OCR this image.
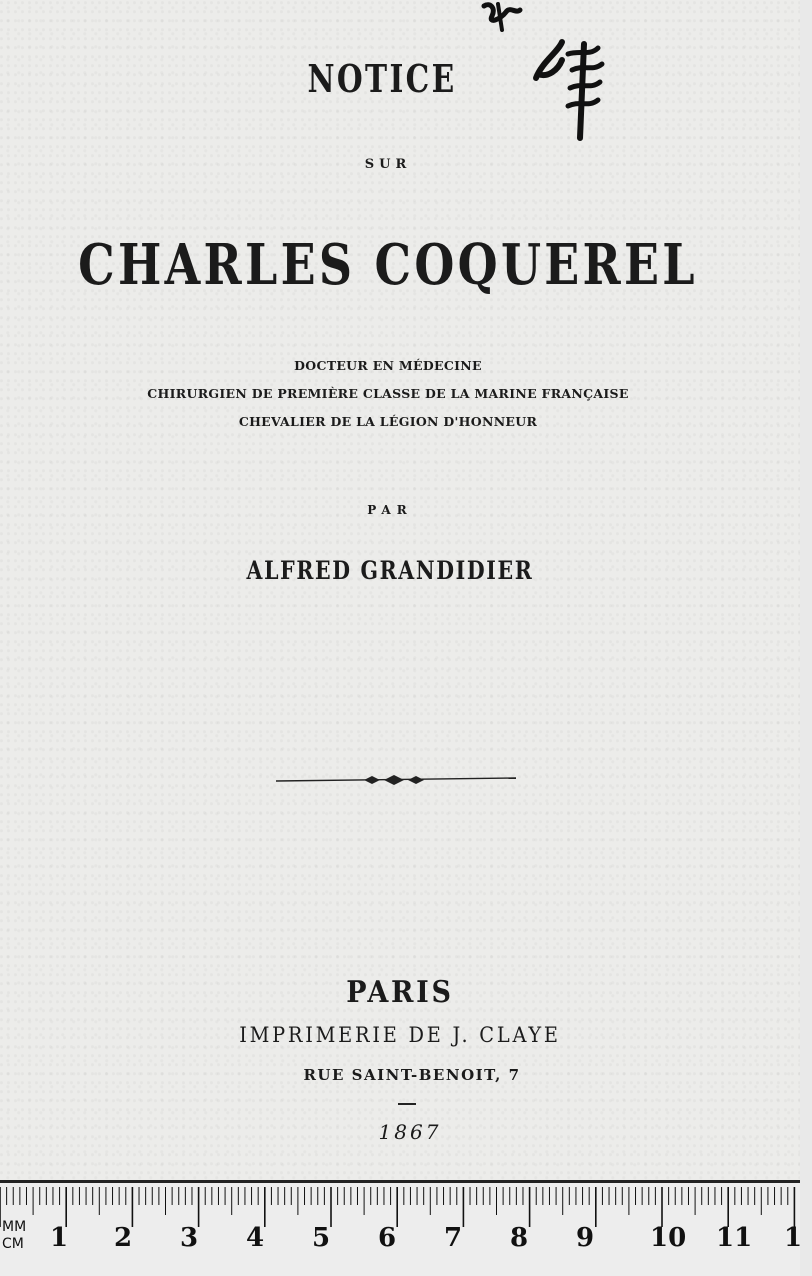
NOTICE
SUR
CHARLES COQUEREL
DOCTEUR EN MÉDECINE
CHIRURGIEN DE PREMIÈRE CLASSE DE LA MARINE FRANÇAISE
CHEVALIER DE LA LÉGION D'HONNEUR
PAR
ALFRED GRANDIDIER
PARIS
IMPRIMERIE DE J. CLAYE
RUE SAINT-BENOIT, 7
1867
MM
CM 1 2 3 4 5 6 7 8 9 10 11 1
